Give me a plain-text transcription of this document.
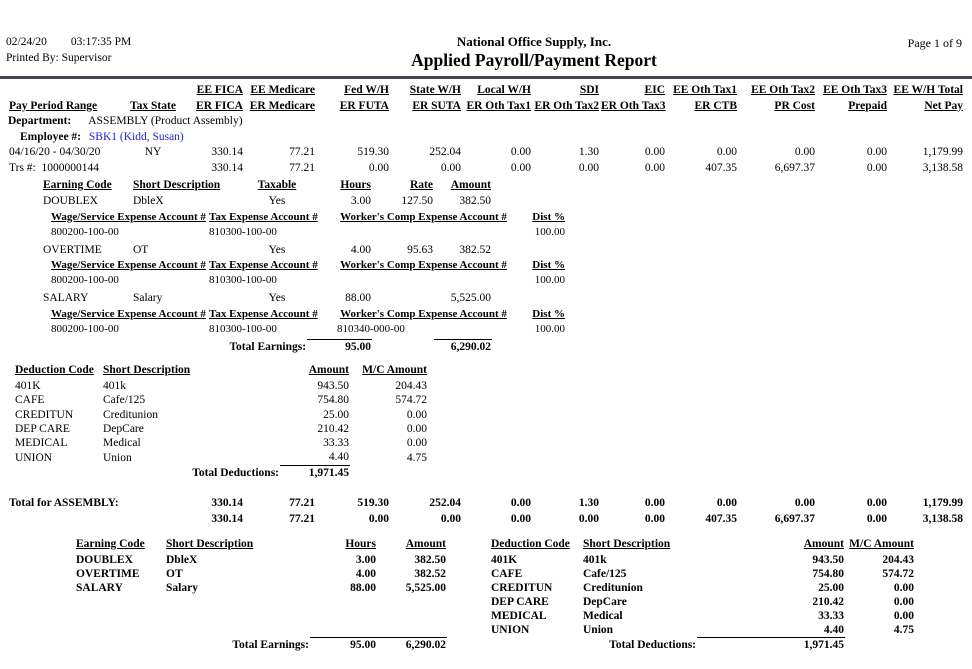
02/24/20 03:17:35 PM
Printed By: Supervisor
National Office Supply, Inc.
Applied Payroll/Payment Report
Page 1 of 9
		EE FICA	EE Medicare	Fed W/H	State W/H	Local W/H	SDI	EIC	EE Oth Tax1	EE Oth Tax2	EE Oth Tax3	EE W/H Total
Pay Period Range	Tax State	ER FICA	ER Medicare	ER FUTA	ER SUTA	ER Oth Tax1	ER Oth Tax2	ER Oth Tax3	ER CTB	PR Cost	Prepaid	Net Pay
Department: ASSEMBLY (Product Assembly)
Employee #: SBK1 (Kidd, Susan)
04/16/20 - 04/30/20	NY	330.14	77.21	519.30	252.04	0.00	1.30	0.00	0.00	0.00	0.00	1,179.99
Trs #: 1000000144		330.14	77.21	0.00	0.00	0.00	0.00	0.00	407.35	6,697.37	0.00	3,138.58
Earning Code	Short Description	Taxable	Hours	Rate	Amount
DOUBLEX	DbleX	Yes	3.00	127.50	382.50
Wage/Service Expense Account #	Tax Expense Account #	Worker's Comp Expense Account #	Dist %
800200-100-00	810300-100-00		100.00
OVERTIME	OT	Yes	4.00	95.63	382.52
Wage/Service Expense Account #	Tax Expense Account #	Worker's Comp Expense Account #	Dist %
800200-100-00	810300-100-00		100.00
SALARY	Salary	Yes	88.00		5,525.00
Wage/Service Expense Account #	Tax Expense Account #	Worker's Comp Expense Account #	Dist %
800200-100-00	810300-100-00	810340-000-00	100.00
Total Earnings:	95.00		6,290.02
Deduction Code	Short Description	Amount	M/C Amount
401K	401k	943.50	204.43
CAFE	Cafe/125	754.80	574.72
CREDITUN	Creditunion	25.00	0.00
DEP CARE	DepCare	210.42	0.00
MEDICAL	Medical	33.33	0.00
UNION	Union	4.40	4.75
Total Deductions:		1,971.45	
Total for ASSEMBLY:	330.14	77.21	519.30	252.04	0.00	1.30	0.00	0.00	0.00	0.00	1,179.99
	330.14	77.21	0.00	0.00	0.00	0.00	0.00	407.35	6,697.37	0.00	3,138.58
Earning Code	Short Description	Hours	Amount
DOUBLEX	DbleX	3.00	382.50
OVERTIME	OT	4.00	382.52
SALARY	Salary	88.00	5,525.00
Total Earnings:	95.00	6,290.02
Deduction Code	Short Description	Amount	M/C Amount
401K	401k	943.50	204.43
CAFE	Cafe/125	754.80	574.72
CREDITUN	Creditunion	25.00	0.00
DEP CARE	DepCare	210.42	0.00
MEDICAL	Medical	33.33	0.00
UNION	Union	4.40	4.75
Total Deductions:	1,971.45	
